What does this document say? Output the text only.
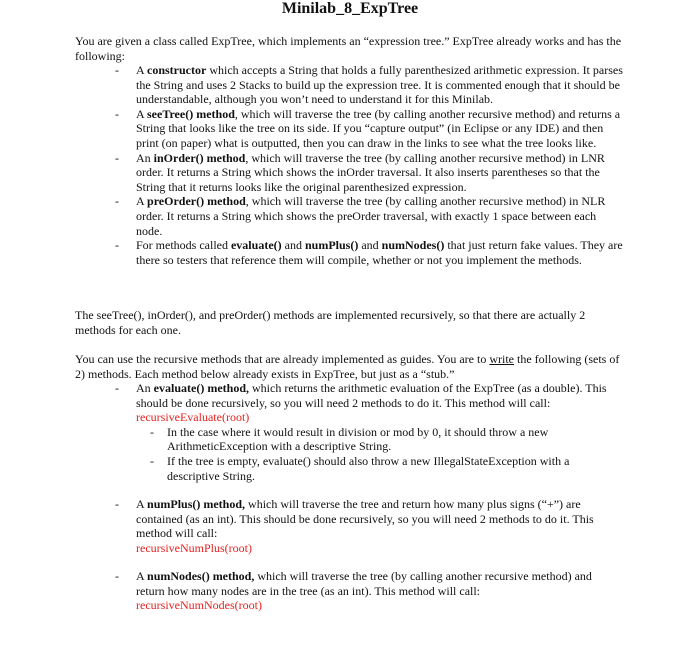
Minilab_8_ExpTree

You are given a class called ExpTree, which implements an “expression tree.” ExpTree already works and has the following:

- A constructor which accepts a String that holds a fully parenthesized arithmetic expression. It parses the String and uses 2 Stacks to build up the expression tree. It is commented enough that it should be understandable, although you won’t need to understand it for this Minilab.
- A seeTree() method, which will traverse the tree (by calling another recursive method) and returns a String that looks like the tree on its side. If you “capture output” (in Eclipse or any IDE) and then print (on paper) what is outputted, then you can draw in the links to see what the tree looks like.
- An inOrder() method, which will traverse the tree (by calling another recursive method) in LNR order. It returns a String which shows the inOrder traversal. It also inserts parentheses so that the String that it returns looks like the original parenthesized expression.
- A preOrder() method, which will traverse the tree (by calling another recursive method) in NLR order. It returns a String which shows the preOrder traversal, with exactly 1 space between each node.
- For methods called evaluate() and numPlus() and numNodes() that just return fake values. They are there so testers that reference them will compile, whether or not you implement the methods.

The seeTree(), inOrder(), and preOrder() methods are implemented recursively, so that there are actually 2 methods for each one.

You can use the recursive methods that are already implemented as guides. You are to write the following (sets of 2) methods. Each method below already exists in ExpTree, but just as a “stub.”

- An evaluate() method, which returns the arithmetic evaluation of the ExpTree (as a double). This should be done recursively, so you will need 2 methods to do it. This method will call:
recursiveEvaluate(root)
- In the case where it would result in division or mod by 0, it should throw a new ArithmeticException with a descriptive String.
- If the tree is empty, evaluate() should also throw a new IllegalStateException with a descriptive String.
- A numPlus() method, which will traverse the tree and return how many plus signs (“+”) are contained (as an int). This should be done recursively, so you will need 2 methods to do it. This method will call:
recursiveNumPlus(root)
- A numNodes() method, which will traverse the tree (by calling another recursive method) and return how many nodes are in the tree (as an int). This method will call:
recursiveNumNodes(root)
